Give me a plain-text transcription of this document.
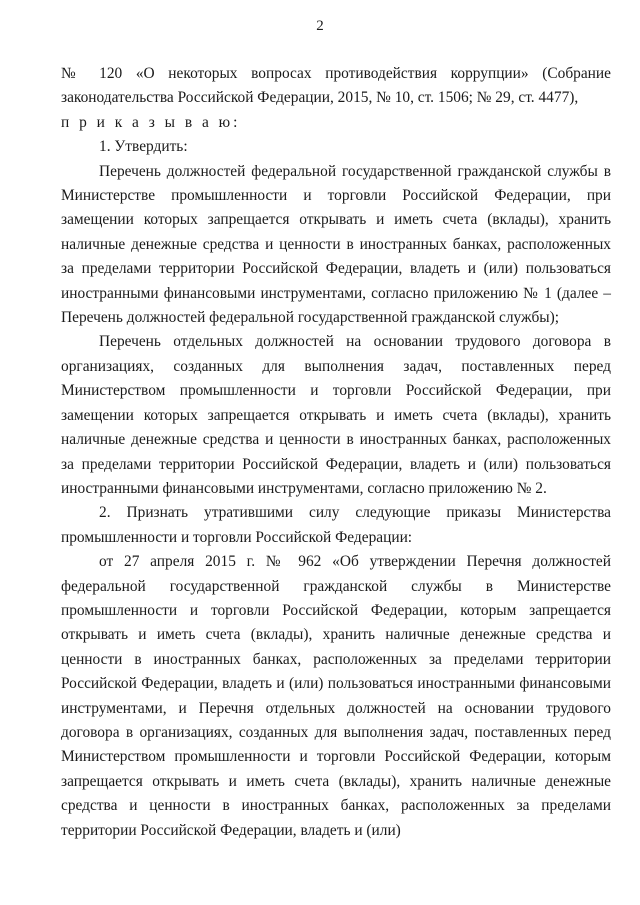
2

№ 120 «О некоторых вопросах противодействия коррупции» (Собрание законодательства Российской Федерации, 2015, № 10, ст. 1506; № 29, ст. 4477),

п р и к а з ы в а ю:

1. Утвердить:

Перечень должностей федеральной государственной гражданской службы в Министерстве промышленности и торговли Российской Федерации, при замещении которых запрещается открывать и иметь счета (вклады), хранить наличные денежные средства и ценности в иностранных банках, расположенных за пределами территории Российской Федерации, владеть и (или) пользоваться иностранными финансовыми инструментами, согласно приложению № 1 (далее – Перечень должностей федеральной государственной гражданской службы);

Перечень отдельных должностей на основании трудового договора в организациях, созданных для выполнения задач, поставленных перед Министерством промышленности и торговли Российской Федерации, при замещении которых запрещается открывать и иметь счета (вклады), хранить наличные денежные средства и ценности в иностранных банках, расположенных за пределами территории Российской Федерации, владеть и (или) пользоваться иностранными финансовыми инструментами, согласно приложению № 2.

2. Признать утратившими силу следующие приказы Министерства промышленности и торговли Российской Федерации:

от 27 апреля 2015 г. № 962 «Об утверждении Перечня должностей федеральной государственной гражданской службы в Министерстве промышленности и торговли Российской Федерации, которым запрещается открывать и иметь счета (вклады), хранить наличные денежные средства и ценности в иностранных банках, расположенных за пределами территории Российской Федерации, владеть и (или) пользоваться иностранными финансовыми инструментами, и Перечня отдельных должностей на основании трудового договора в организациях, созданных для выполнения задач, поставленных перед Министерством промышленности и торговли Российской Федерации, которым запрещается открывать и иметь счета (вклады), хранить наличные денежные средства и ценности в иностранных банках, расположенных за пределами территории Российской Федерации, владеть и (или)
